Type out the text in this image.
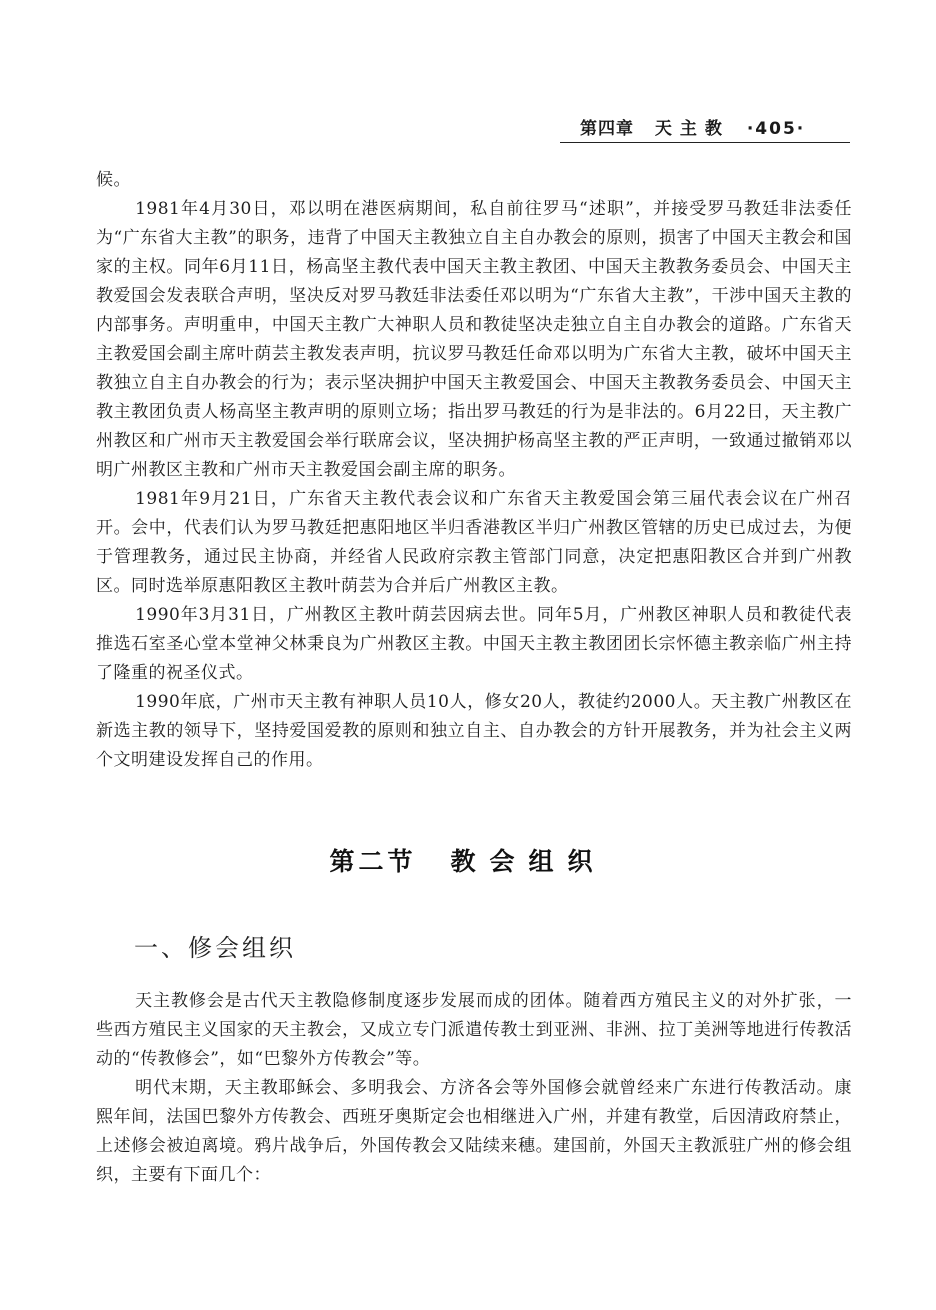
第四章 天主教 ·405·

候。

1981年4月30日，邓以明在港医病期间，私自前往罗马“述职”，并接受罗马教廷非法委任为“广东省大主教”的职务，违背了中国天主教独立自主自办教会的原则，损害了中国天主教会和国家的主权。同年6月11日，杨高坚主教代表中国天主教主教团、中国天主教教务委员会、中国天主教爱国会发表联合声明，坚决反对罗马教廷非法委任邓以明为“广东省大主教”，干涉中国天主教的内部事务。声明重申，中国天主教广大神职人员和教徒坚决走独立自主自办教会的道路。广东省天主教爱国会副主席叶荫芸主教发表声明，抗议罗马教廷任命邓以明为广东省大主教，破坏中国天主教独立自主自办教会的行为；表示坚决拥护中国天主教爱国会、中国天主教教务委员会、中国天主教主教团负责人杨高坚主教声明的原则立场；指出罗马教廷的行为是非法的。6月22日，天主教广州教区和广州市天主教爱国会举行联席会议，坚决拥护杨高坚主教的严正声明，一致通过撤销邓以明广州教区主教和广州市天主教爱国会副主席的职务。

1981年9月21日，广东省天主教代表会议和广东省天主教爱国会第三届代表会议在广州召开。会中，代表们认为罗马教廷把惠阳地区半归香港教区半归广州教区管辖的历史已成过去，为便于管理教务，通过民主协商，并经省人民政府宗教主管部门同意，决定把惠阳教区合并到广州教区。同时选举原惠阳教区主教叶荫芸为合并后广州教区主教。

1990年3月31日，广州教区主教叶荫芸因病去世。同年5月，广州教区神职人员和教徒代表推选石室圣心堂本堂神父林秉良为广州教区主教。中国天主教主教团团长宗怀德主教亲临广州主持了隆重的祝圣仪式。

1990年底，广州市天主教有神职人员10人，修女20人，教徒约2000人。天主教广州教区在新选主教的领导下，坚持爱国爱教的原则和独立自主、自办教会的方针开展教务，并为社会主义两个文明建设发挥自己的作用。

第二节 教会组织
一、修会组织

天主教修会是古代天主教隐修制度逐步发展而成的团体。随着西方殖民主义的对外扩张，一些西方殖民主义国家的天主教会，又成立专门派遣传教士到亚洲、非洲、拉丁美洲等地进行传教活动的“传教修会”，如“巴黎外方传教会”等。

明代末期，天主教耶稣会、多明我会、方济各会等外国修会就曾经来广东进行传教活动。康熙年间，法国巴黎外方传教会、西班牙奥斯定会也相继进入广州，并建有教堂，后因清政府禁止，上述修会被迫离境。鸦片战争后，外国传教会又陆续来穗。建国前，外国天主教派驻广州的修会组织，主要有下面几个：
